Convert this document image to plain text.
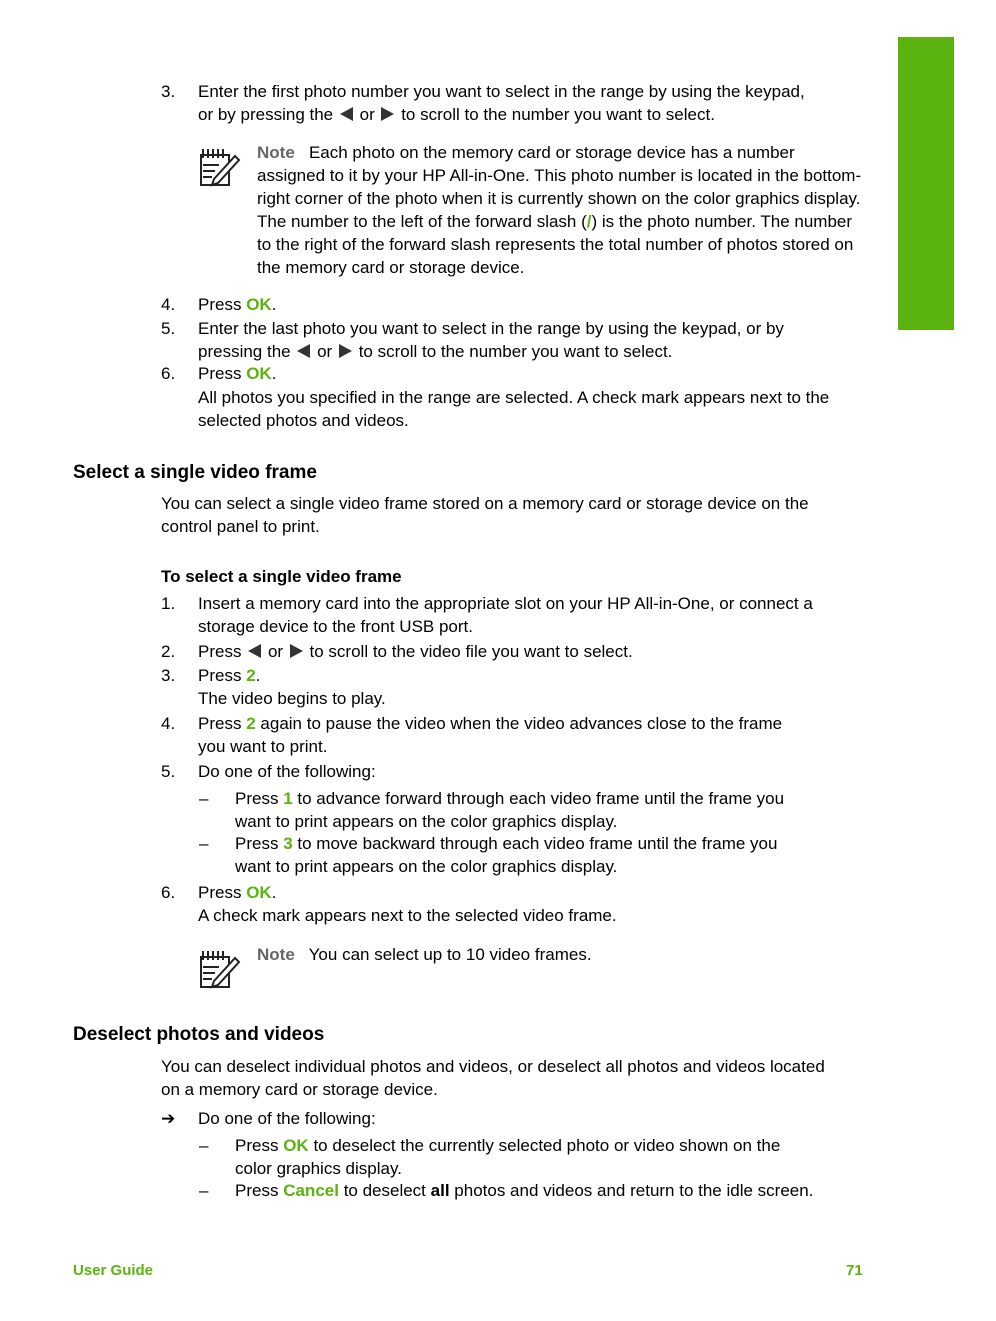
Photos and videos
3. Enter the first photo number you want to select in the range by using the keypad,
or by pressing the or to scroll to the number you want to select.
Note Each photo on the memory card or storage device has a number assigned to it by your HP All-in-One. This photo number is located in the bottom-right corner of the photo when it is currently shown on the color graphics display. The number to the left of the forward slash (/) is the photo number. The number to the right of the forward slash represents the total number of photos stored on the memory card or storage device.
4. Press OK.
5. Enter the last photo you want to select in the range by using the keypad, or by
pressing the or to scroll to the number you want to select.
6. Press OK.
All photos you specified in the range are selected. A check mark appears next to the selected photos and videos.
Select a single video frame
You can select a single video frame stored on a memory card or storage device on the control panel to print.
To select a single video frame
1. Insert a memory card into the appropriate slot on your HP All-in-One, or connect a storage device to the front USB port.
2. Press or to scroll to the video file you want to select.
3. Press 2.
The video begins to play.
4. Press 2 again to pause the video when the video advances close to the frame
you want to print.
5. Do one of the following:
– Press 1 to advance forward through each video frame until the frame you
want to print appears on the color graphics display.
– Press 3 to move backward through each video frame until the frame you
want to print appears on the color graphics display.
6. Press OK.
A check mark appears next to the selected video frame.
Note You can select up to 10 video frames.
Deselect photos and videos
You can deselect individual photos and videos, or deselect all photos and videos located on a memory card or storage device.
➔ Do one of the following:
– Press OK to deselect the currently selected photo or video shown on the
color graphics display.
– Press Cancel to deselect all photos and videos and return to the idle screen.
User Guide	71
